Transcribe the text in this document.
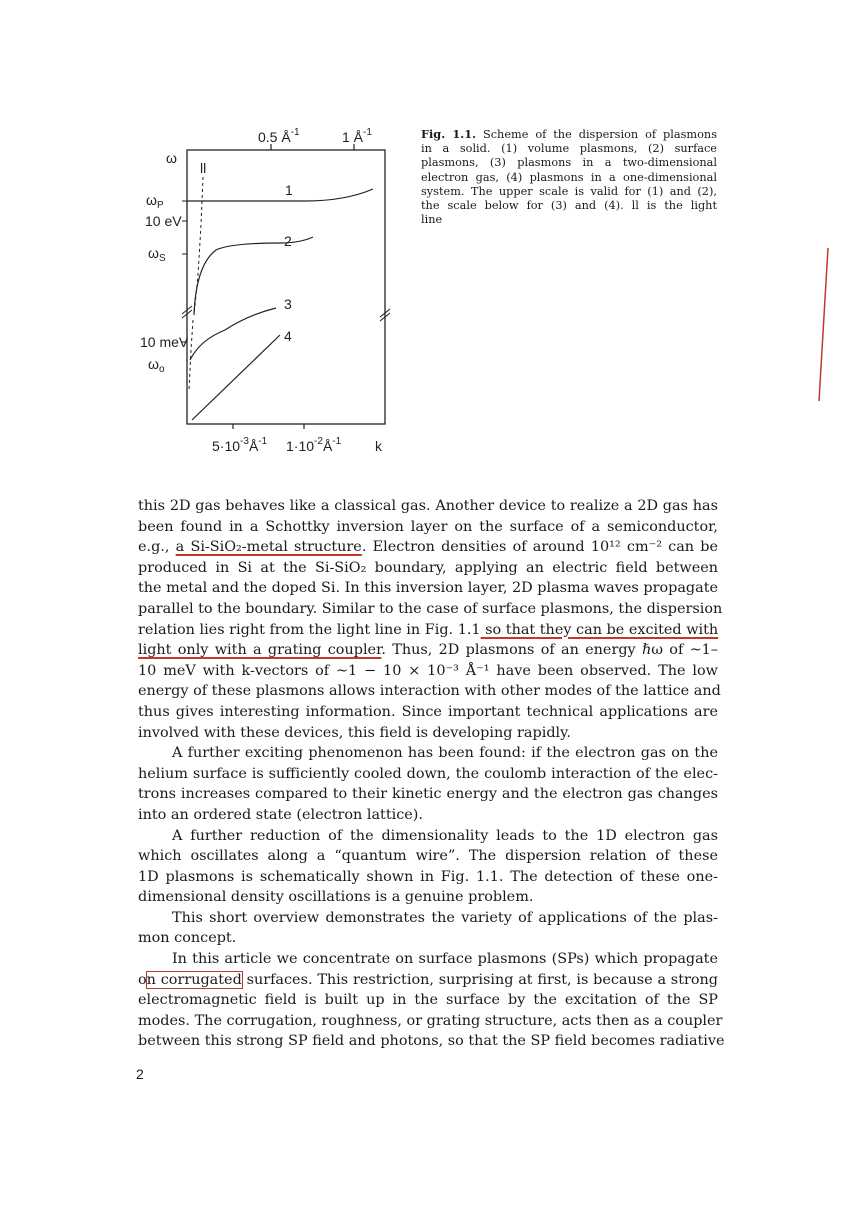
0.5 $Å^{-1}$	1 $Å^{-1}$
ω
$\omega_P$
10 eV
$\omega_S$
10 meV
$\omega_o$
ll
1
2
3
4
$5\cdot 10^{-3}Å^{-1}$ $1\cdot 10^{-2}Å^{-1}$ k
Fig. 1.1. Scheme of the dispersion of plasmons
in a solid. (1) volume plasmons, (2) surface
plasmons, (3) plasmons in a two-dimensional
electron gas, (4) plasmons in a one-dimensional
system. The upper scale is valid for (1) and (2),
the scale below for (3) and (4). ll is the light
line
this 2D gas behaves like a classical gas. Another device to realize a 2D gas has
been found in a Schottky inversion layer on the surface of a semiconductor,
e.g., a Si-SiO₂-metal structure. Electron densities of around 10¹² cm⁻² can be
produced in Si at the Si-SiO₂ boundary, applying an electric field between
the metal and the doped Si. In this inversion layer, 2D plasma waves propagate
parallel to the boundary. Similar to the case of surface plasmons, the dispersion
relation lies right from the light line in Fig. 1.1 so that they can be excited with
light only with a grating coupler. Thus, 2D plasmons of an energy ℏω of ~1–
10 meV with k-vectors of ~1 − 10 × 10⁻³ Å⁻¹ have been observed. The low
energy of these plasmons allows interaction with other modes of the lattice and
thus gives interesting information. Since important technical applications are
involved with these devices, this field is developing rapidly.
A further exciting phenomenon has been found: if the electron gas on the
helium surface is sufficiently cooled down, the coulomb interaction of the elec-
trons increases compared to their kinetic energy and the electron gas changes
into an ordered state (electron lattice).
A further reduction of the dimensionality leads to the 1D electron gas
which oscillates along a “quantum wire”. The dispersion relation of these
1D plasmons is schematically shown in Fig. 1.1. The detection of these one-
dimensional density oscillations is a genuine problem.
This short overview demonstrates the variety of applications of the plas-
mon concept.
In this article we concentrate on surface plasmons (SPs) which propagate
on corrugated surfaces. This restriction, surprising at first, is because a strong
electromagnetic field is built up in the surface by the excitation of the SP
modes. The corrugation, roughness, or grating structure, acts then as a coupler
between this strong SP field and photons, so that the SP field becomes radiative
2
